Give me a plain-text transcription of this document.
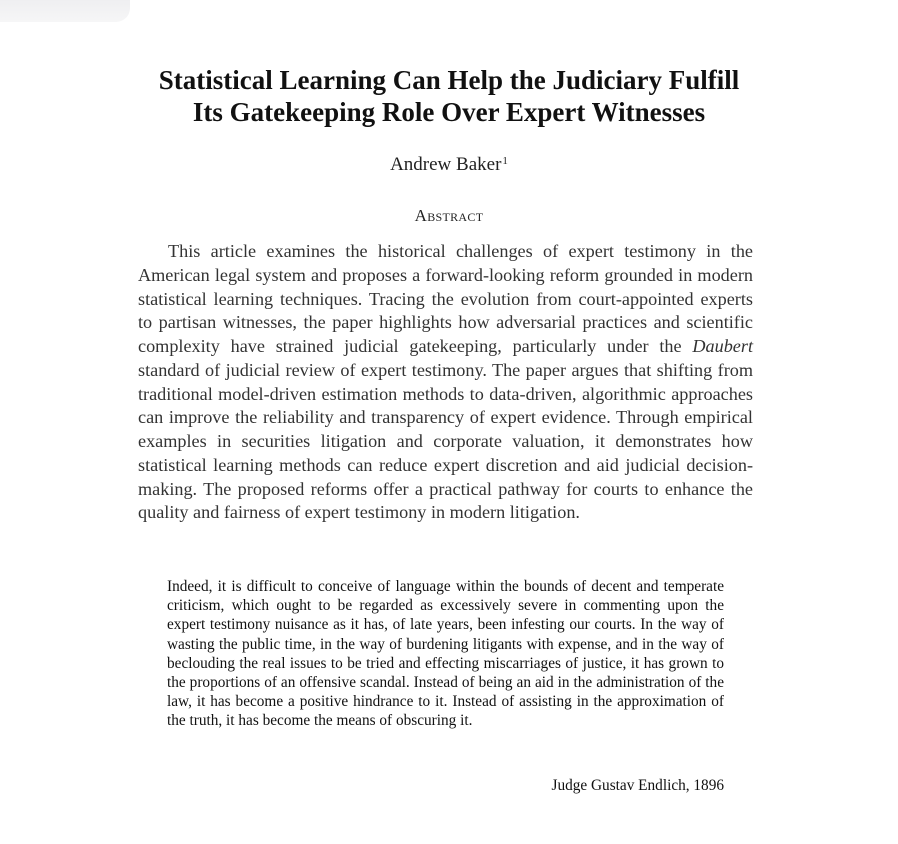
Statistical Learning Can Help the Judiciary Fulfill
Its Gatekeeping Role Over Expert Witnesses
Andrew Baker$^1$
Abstract

This article examines the historical challenges of expert testimony in the American legal system and proposes a forward-looking reform grounded in modern statistical learning techniques. Tracing the evolution from court-appointed experts to partisan witnesses, the paper highlights how adversarial practices and scientific complexity have strained judicial gatekeeping, particularly under the Daubert standard of judicial review of expert testimony. The paper argues that shifting from traditional model-driven estimation methods to data-driven, algorithmic approaches can improve the reliability and transparency of expert evidence. Through empirical examples in securities litigation and corporate valuation, it demonstrates how statistical learning methods can reduce expert discretion and aid judicial decision-making. The proposed reforms offer a practical pathway for courts to enhance the quality and fairness of expert testimony in modern litigation.

Indeed, it is difficult to conceive of language within the bounds of decent and temperate criticism, which ought to be regarded as excessively severe in commenting upon the expert testimony nuisance as it has, of late years, been infesting our courts. In the way of wasting the public time, in the way of burdening litigants with expense, and in the way of beclouding the real issues to be tried and effecting miscarriages of justice, it has grown to the proportions of an offensive scandal. Instead of being an aid in the administration of the law, it has become a positive hindrance to it. Instead of assisting in the approximation of the truth, it has become the means of obscuring it.
Judge Gustav Endlich, 1896
